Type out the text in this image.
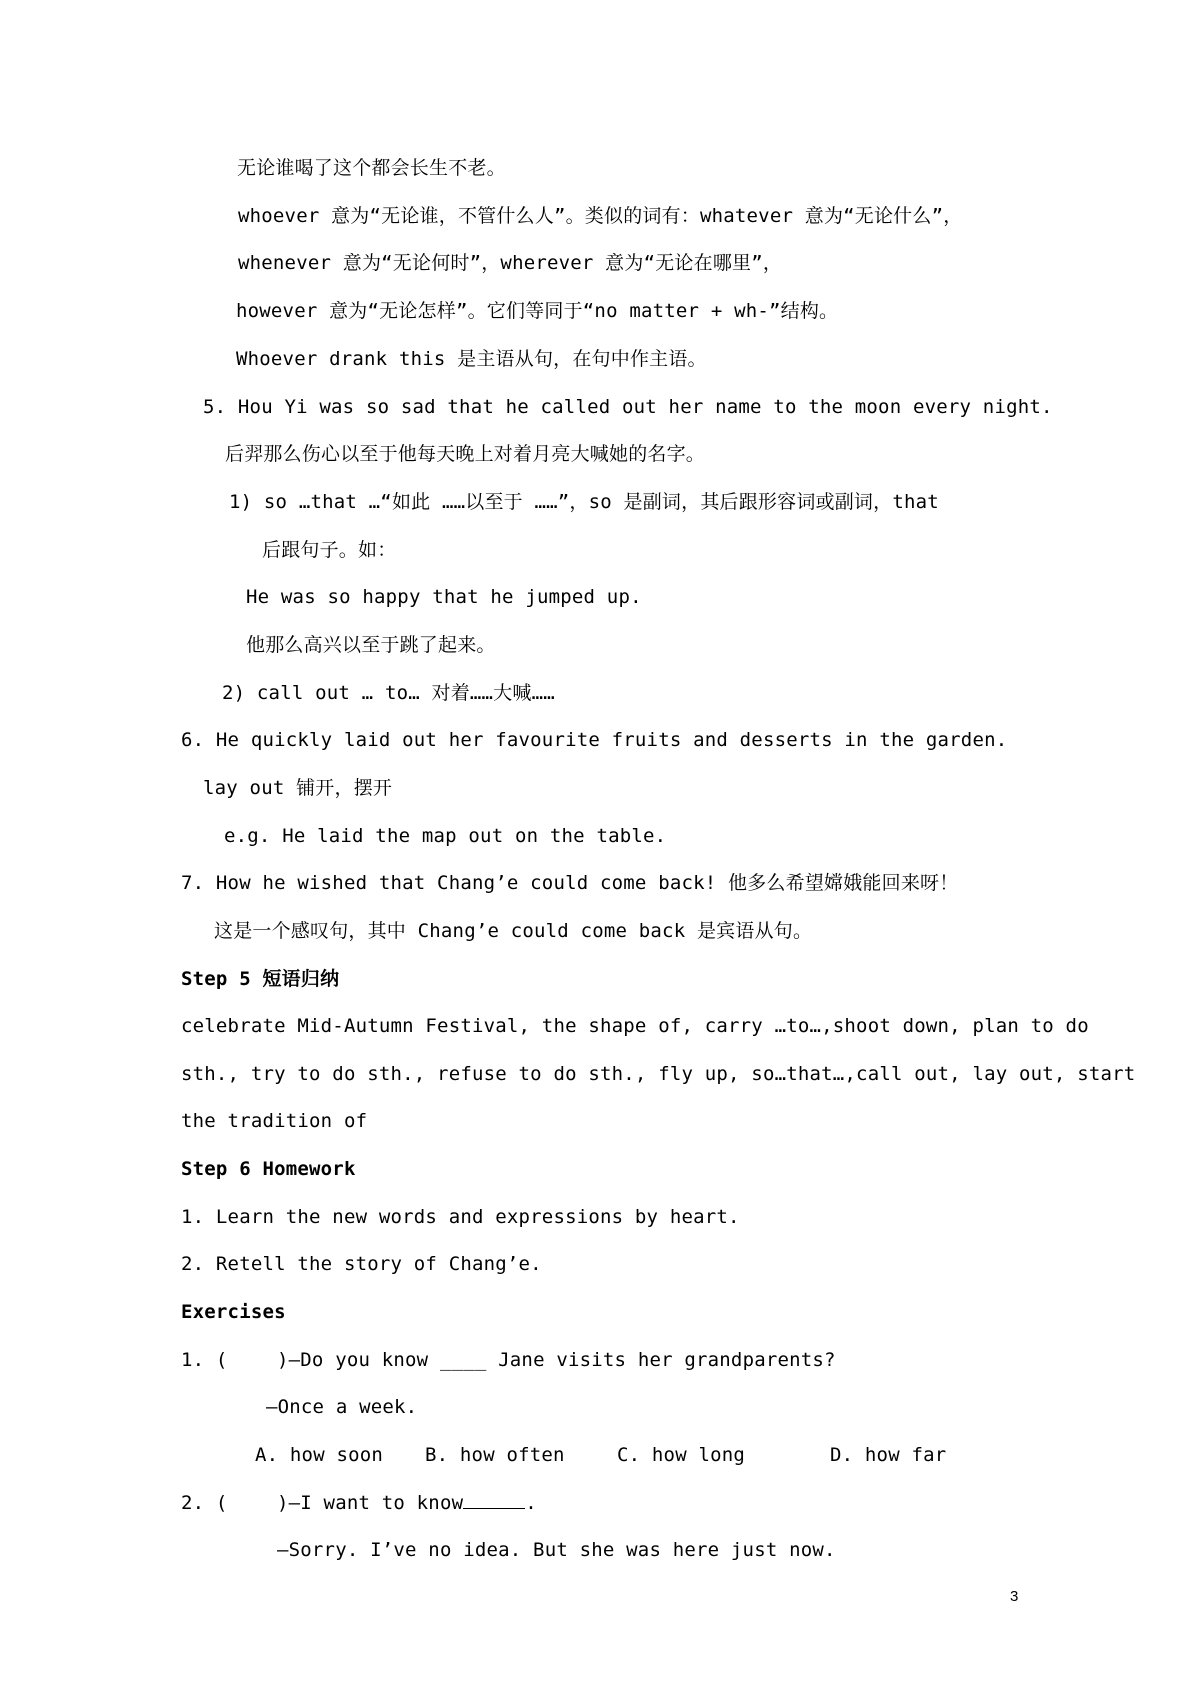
无论谁喝了这个都会长生不老。
whoever 意为“无论谁，不管什么人”。类似的词有：whatever 意为“无论什么”，
whenever 意为“无论何时”，wherever 意为“无论在哪里”，
however 意为“无论怎样”。它们等同于“no matter + wh-”结构。
Whoever drank this 是主语从句，在句中作主语。
5. Hou Yi was so sad that he called out her name to the moon every night.
后羿那么伤心以至于他每天晚上对着月亮大喊她的名字。
1) so …that …“如此 ……以至于 ……”，so 是副词，其后跟形容词或副词，that
后跟句子。如：
He was so happy that he jumped up.
他那么高兴以至于跳了起来。
2) call out … to… 对着……大喊……
6. He quickly laid out her favourite fruits and desserts in the garden.
lay out 铺开，摆开
e.g. He laid the map out on the table.
7. How he wished that Chang’e could come back! 他多么希望嫦娥能回来呀！
这是一个感叹句，其中 Chang’e could come back 是宾语从句。
Step 5 短语归纳
celebrate Mid-Autumn Festival, the shape of, carry …to…,shoot down, plan to do
sth., try to do sth., refuse to do sth., fly up, so…that…,call out, lay out, start
the tradition of
Step 6 Homework
1. Learn the new words and expressions by heart.
2. Retell the story of Chang’e.
Exercises
1. (	)—Do you know ____ Jane visits her grandparents?
—Once a week.
A. how soon B. how often	C. how long	D. how far
2. (	)—I want to know	.
—Sorry. I’ve no idea. But she was here just now.
3
